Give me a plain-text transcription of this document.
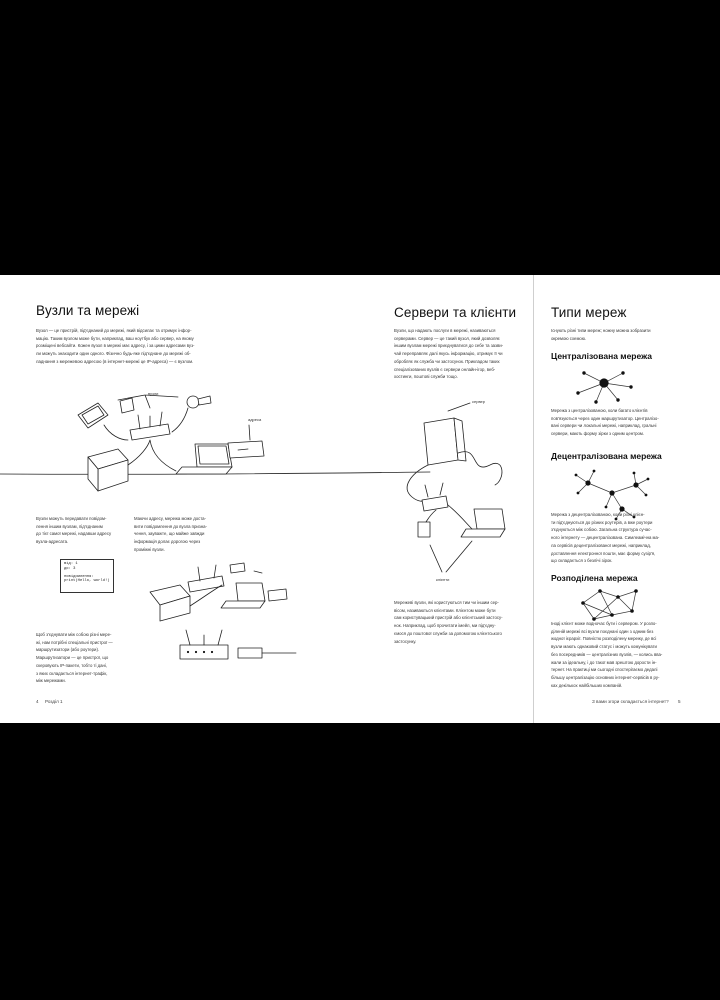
Вузли та мережі
Вузол — це пристрій, під'єднаний до мережі, який відсилає та отримує інфор-
мацію. Таким вузлом може бути, наприклад, ваш ноутбук або сервер, на якому
розміщені вебсайти. Кожен вузол в мережі має адресу, і за цими адресами вуз-
ли можуть знаходити один одного. Фізично будь-яке під'єднане до мережі об-
ладнання з мережевою адресою (в інтернет-мережі це IP-адреса) — є вузлом.
вузли
адреса
Вузли можуть передавати повідом-
лення іншим вузлам, під'єднаним
до тієї самої мережі, надавши адресу
вузла-адресата.
Маючи адресу, мережа може доста-
вити повідомлення до вузла призна-
чення, зауважте, що майже завжди
інформація долає дорогою через
проміжні вузли.
від: 1
до: 3
повідомлення:
print(Hello, world!)
Щоб з'єднувати між собою різні мере-
жі, нам потрібні спеціальні пристрої —
маршрутизатори (або роутери).
Маршрутизатори — це пристрої, що
скеровують IP-пакети, тобто ті дані,
з яких складається інтернет-трафік,
між мережами.
4 Розділ 1
Сервери та клієнти
Вузли, що надають послуги в мережі, називаються
серверами. Сервер — це такий вузол, який дозволяє
іншим вузлам мережі приєднуватися до себе та зазви-
чай переправляє далі якусь інформацію, отримує її чи
обробляє як служба чи застосунок. Прикладом таких
спеціалізованих вузлів є сервери онлайн-ігор, веб-
хостинги, поштові служби тощо.
сервер
клієнти
Мережеві вузли, які користуються тим чи іншим сер-
вісом, називаються клієнтами. Клієнтом може бути
сам користувацький пристрій або клієнтський застосу-
нок. Наприклад, щоб прочитати імейл, ми під'єдну-
ємося до поштової служби за допомогою клієнтського
застосунку.
Типи мереж
Існують різні типи мереж; ножну можна зобразити
окремою схемою.
Централізована мережа
Мережа з централізованою, коли багато клієнтів
пов'язуються через один маршрутизатор. Централізо-
вані сервери чи локальні мережі, наприклад, гральні
сервери, мають форму зірки з одним центром.
Децентралізована мережа
Мережа з децентралізованою, коли різні клієн-
ти під'єднуються до різних роутерів, а вже роутери
з'єднуються між собою. Загальна структура сучас-
ного інтернету — децентралізована. Симлеамічна ма-
ла сервісів децентралізованої мережі, наприклад,
доставлення електронної пошти, має форму сузір'я,
що складається з безлічі зірок.
Розподілена мережа
Іноді клієнт може водночас бути і сервером. У розпо-
діленій мережі всі вузли поєднані один з одним без
жодної ієрархії. Повністю розподілену мережу, де всі
вузли мають однаковий статус і можуть комунікувати
без посередників — централізних вузлів, — колись вва-
жали за ідеальну, і до такої мав зрештою дорости ін-
тернет. На практиці ми сьогодні спостерігаємо дедалі
більшу централізацію основних інтернет-сервісів в ру-
ках декількох найбільших компаній.
З вами згори складається інтернет? 5
